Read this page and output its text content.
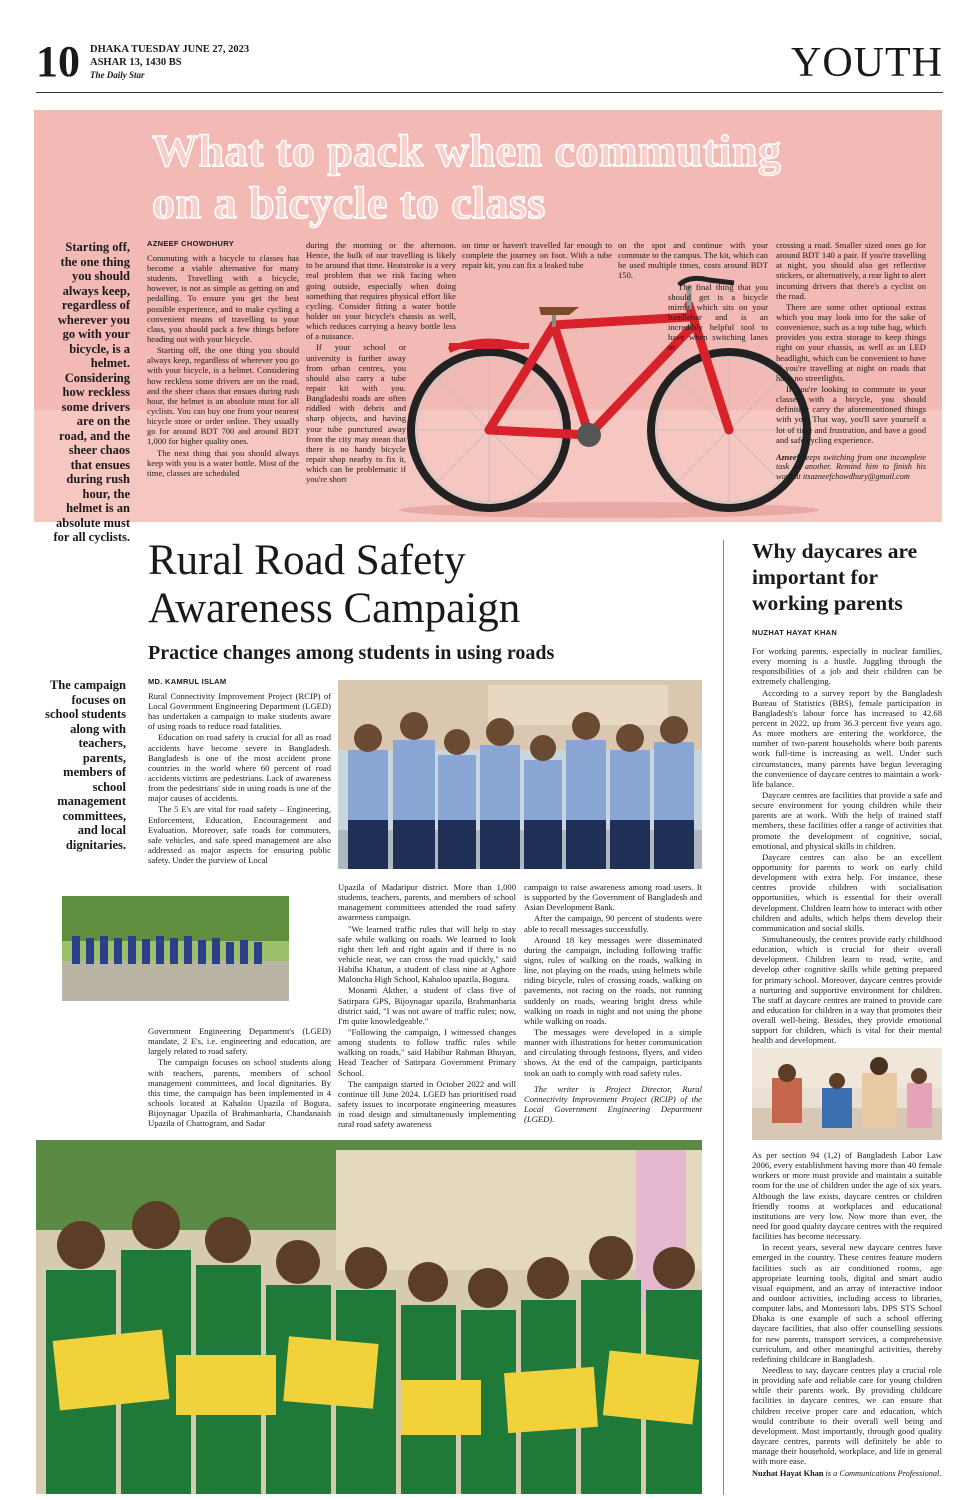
10 DHAKA TUESDAY JUNE 27, 2023
ASHAR 13, 1430 BS
The Daily Star	YOUTH
What to pack when commuting
on a bicycle to class
Starting off, the one thing you should always keep, regardless of wherever you go with your bicycle, is a helmet. Considering how reckless some drivers are on the road, and the sheer chaos that ensues during rush hour, the helmet is an absolute must for all cyclists.
AZNEEF CHOWDHURY

Commuting with a bicycle to classes has become a viable alternative for many students. Travelling with a bicycle, however, is not as simple as getting on and pedalling. To ensure you get the best possible experience, and to make cycling a convenient means of travelling to your class, you should pack a few things before heading out with your bicycle.

Starting off, the one thing you should always keep, regardless of wherever you go with your bicycle, is a helmet. Considering how reckless some drivers are on the road, and the sheer chaos that ensues during rush hour, the helmet is an absolute must for all cyclists. You can buy one from your nearest bicycle store or order online. They usually go for around BDT 700 and around BDT 1,000 for higher quality ones.

The next thing that you should always keep with you is a water bottle. Most of the time, classes are scheduled

during the morning or the afternoon. Hence, the bulk of our travelling is likely to be around that time. Heatstroke is a very real problem that we risk facing when going outside, especially when doing something that requires physical effort like cycling. Consider fitting a water bottle holder on your bicycle's chassis as well, which reduces carrying a heavy bottle less of a nuisance.

If your school or university is further away from urban centres, you should also carry a tube repair kit with you. Bangladeshi roads are often riddled with debris and sharp objects, and having your tube punctured away from the city may mean that there is no handy bicycle repair shop nearby to fix it, which can be problematic if you're short

on time or haven't travelled far enough to complete the journey on foot. With a tube repair kit, you can fix a leaked tube

on the spot and continue with your commute to the campus. The kit, which can be used multiple times, costs around BDT 150.

The final thing that you should get is a bicycle mirror, which sits on your handlebar and is an incredibly helpful tool to have when switching lanes or

crossing a road. Smaller sized ones go for around BDT 140 a pair. If you're travelling at night, you should also get reflective stickers, or alternatively, a rear light to alert incoming drivers that there's a cyclist on the road.

There are some other optional extras which you may look into for the sake of convenience, such as a top tube bag, which provides you extra storage to keep things right on your chassis, as well as an LED headlight, which can be convenient to have if you're travelling at night on roads that have no streetlights.

If you're looking to commute to your classes with a bicycle, you should definitely carry the aforementioned things with you. That way, you'll save yourself a lot of time and frustration, and have a good and safe cycling experience.

Azneef keeps switching from one incomplete task to another. Remind him to finish his work at itsazneefchowdhury@gmail.com
Rural Road Safety
Awareness Campaign
Practice changes among students in using roads
The campaign focuses on school students along with teachers, parents, members of school management committees, and local dignitaries.
MD. KAMRUL ISLAM

Rural Connectivity Improvement Project (RCIP) of Local Government Engineering Department (LGED) has undertaken a campaign to make students aware of using roads to reduce road fatalities.

Education on road safety is crucial for all as road accidents have become severe in Bangladesh. Bangladesh is one of the most accident prone countries in the world where 60 percent of road accidents victims are pedestrians. Lack of awareness from the pedestrians' side in using roads is one of the major causes of accidents.

The 5 E's are vital for road safety – Engineering, Enforcement, Education, Encouragement and Evaluation. Moreover, safe roads for commuters, safe vehicles, and safe speed management are also addressed as major aspects for ensuring public safety. Under the purview of Local

Government Engineering Department's (LGED) mandate, 2 E's, i.e. engineering and education, are largely related to road safety.

The campaign focuses on school students along with teachers, parents, members of school management committees, and local dignitaries. By this time, the campaign has been implemented in 4 schools located at Kahaloo Upazila of Bogura, Bijoynagar Upazila of Brahmanbaria, Chandanaish Upazila of Chattogram, and Sadar

Upazila of Madaripur district. More than 1,000 students, teachers, parents, and members of school management committees attended the road safety awareness campaign.

"We learned traffic rules that will help to stay safe while walking on roads. We learned to look right then left and right again and if there is no vehicle near, we can cross the road quickly," said Habiba Khatun, a student of class nine at Aghore Malonchа High School, Kahaloo upazila, Bogura.

Monami Akther, a student of class five of Satirpara GPS, Bijoynagar upazila, Brahmanbaria district said, "I was not aware of traffic rules; now, I'm quite knowledgeable."

"Following the campaign, I witnessed changes among students to follow traffic rules while walking on roads," said Habibur Rahman Bhuyan, Head Teacher of Satirpara Government Primary School.

The campaign started in October 2022 and will continue till June 2024. LGED has prioritised road safety issues to incorporate engineering measures in road design and simultaneously implementing rural road safety awareness

campaign to raise awareness among road users. It is supported by the Government of Bangladesh and Asian Development Bank.

After the campaign, 90 percent of students were able to recall messages successfully.

Around 18 key messages were disseminated during the campaign, including following traffic signs, rules of walking on the roads, walking in line, not playing on the roads, using helmets while riding bicycle, rules of crossing roads, walking on pavements, not racing on the roads, not running suddenly on roads, wearing bright dress while walking on roads in night and not using the phone while walking on roads.

The messages were developed in a simple manner with illustrations for better communication and circulating through festoons, flyers, and video shows. At the end of the campaign, participants took an oath to comply with road safety rules.

The writer is Project Director, Rural Connectivity Improvement Project (RCIP) of the Local Government Engineering Department (LGED).

Why daycares are
important for
working parents
NUZHAT HAYAT KHAN

For working parents, especially in nuclear families, every morning is a hustle. Juggling through the responsibilities of a job and their children can be extremely challenging.

According to a survey report by the Bangladesh Bureau of Statistics (BBS), female participation in Bangladesh's labour force has increased to 42.68 percent in 2022, up from 36.3 percent five years ago. As more mothers are entering the workforce, the number of two-parent households where both parents work full-time is increasing as well. Under such circumstances, many parents have begun leveraging the convenience of daycare centres to maintain a work-life balance.

Daycare centres are facilities that provide a safe and secure environment for young children while their parents are at work. With the help of trained staff members, these facilities offer a range of activities that promote the development of cognitive, social, emotional, and physical skills in children.

Daycare centres can also be an excellent opportunity for parents to work on early child development with extra help. For instance, these centres provide children with socialisation opportunities, which is essential for their overall development. Children learn how to interact with other children and adults, which helps them develop their communication and social skills.

Simultaneously, the centres provide early childhood education, which is crucial for their overall development. Children learn to read, write, and develop other cognitive skills while getting prepared for primary school. Moreover, daycare centres provide a nurturing and supportive environment for children. The staff at daycare centres are trained to provide care and education for children in a way that promotes their overall well-being. Besides, they provide emotional support for children, which is vital for their mental health and development.

As per section 94 (1,2) of Bangladesh Labor Law 2006, every establishment having more than 40 female workers or more must provide and maintain a suitable room for the use of children under the age of six years. Although the law exists, daycare centres or children friendly rooms at workplaces and educational institutions are very low. Now more than ever, the need for good quality daycare centres with the required facilities has become necessary.

In recent years, several new daycare centres have emerged in the country. These centres feature modern facilities such as air conditioned rooms, age appropriate learning tools, digital and smart audio visual equipment, and an array of interactive indoor and outdoor activities, including access to libraries, computer labs, and Montessori labs. DPS STS School Dhaka is one example of such a school offering daycare facilities, that also offer counselling sessions for new parents, transport services, a comprehensive curriculum, and other meaningful activities, thereby redefining childcare in Bangladesh.

Needless to say, daycare centres play a crucial role in providing safe and reliable care for young children while their parents work. By providing childcare facilities in daycare centres, we can ensure that children receive proper care and education, which would contribute to their overall well being and development. Most importantly, through good quality daycare centres, parents will definitely be able to manage their household, workplace, and life in general with more ease.

Nuzhat Hayat Khan is a Communications Professional.
